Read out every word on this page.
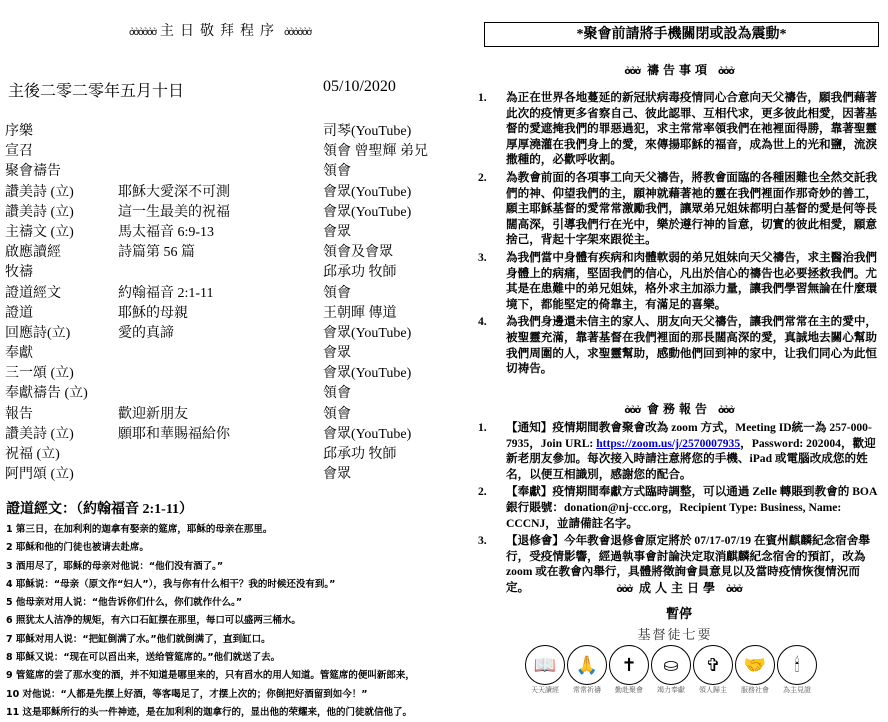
ởởởởởở 主日敬拜程序 ởởởởởở
主後二零二零年五月十日	05/10/2020
序樂	司琴(YouTube)
宣召	領會 曾聖輝 弟兄
聚會禱告	領會
讚美詩 (立)	耶穌大愛深不可測	會眾(YouTube)
讚美詩 (立)	這一生最美的祝福	會眾(YouTube)
主禱文 (立)	馬太福音 6:9-13	會眾
啟應讀經	詩篇第 56 篇	領會及會眾
牧禱	邱承功 牧師
證道經文	約翰福音 2:1-11	領會
證道	耶穌的母親	王朝暉 傳道
回應詩(立)	愛的真諦	會眾(YouTube)
奉獻	會眾
三一頌 (立)	會眾(YouTube)
奉獻禱告 (立)	領會
報告	歡迎新朋友	領會
讚美詩 (立)	願耶和華賜福給你	會眾(YouTube)
祝福 (立)	邱承功 牧師
阿門頌 (立)	會眾
證道經文：（約翰福音 2:1-11）
1 第三日，在加利利的迦拿有娶亲的筵席，耶稣的母亲在那里。
2 耶稣和他的门徒也被请去赴席。
3 酒用尽了，耶稣的母亲对他说：“他们没有酒了。”
4 耶稣说：“母亲（原文作“妇人”），我与你有什么相干？我的时候还没有到。”
5 他母亲对用人说：“他告诉你们什么，你们就作什么。”
6 照犹太人洁净的规矩，有六口石缸摆在那里，每口可以盛两三桶水。
7 耶稣对用人说：“把缸倒满了水。”他们就倒满了，直到缸口。
8 耶稣又说：“现在可以舀出来，送给管筵席的。”他们就送了去。
9 管筵席的尝了那水变的酒，并不知道是哪里来的，只有舀水的用人知道。管筵席的便叫新郎来，
10 对他说：“人都是先摆上好酒，等客喝足了，才摆上次的；你倒把好酒留到如今！”
11 这是耶稣所行的头一件神迹，是在加利利的迦拿行的，显出他的荣耀来，他的门徒就信他了。
*聚會前請將手機關閉或設為震動*
ởởở 禱告事項 ởởở
1.	為正在世界各地蔓延的新冠狀病毒疫情同心合意向天父禱告，願我們藉著此次的疫情更多省察自己、彼此認罪、互相代求，更多彼此相愛，因著基督的愛遮掩我們的罪惡過犯，求主常常率領我們在祂裡面得勝，靠著聖靈厚厚澆灌在我們身上的愛，來傳揚耶穌的福音，成為世上的光和鹽，流淚撒種的，必歡呼收割。
2.	為教會前面的各項事工向天父禱告，將教會面臨的各種困難也全然交託我們的神、仰望我們的主，願神就藉著祂的靈在我們裡面作那奇妙的善工，願主耶穌基督的愛常常激勵我們，讓眾弟兄姐妹都明白基督的愛是何等長闊高深，引導我們行在光中，樂於遵行神的旨意，切實的彼此相愛，願意捨己，背起十字架來跟從主。
3.	為我們當中身體有疾病和肉體軟弱的弟兄姐妹向天父禱告，求主醫治我們身體上的病痛，堅固我們的信心，凡出於信心的禱告也必要拯救我們。尤其是在患難中的弟兄姐妹，格外求主加添力量，讓我們學習無論在什麼環境下，都能堅定的倚靠主，有滿足的喜樂。
4.	為我們身邊還未信主的家人、朋友向天父禱告，讓我們常常在主的愛中，被聖靈充滿，靠著基督在我們裡面的那長闊高深的愛，真誠地去關心幫助我們周圍的人，求聖靈幫助，感動他們回到神的家中，让我们同心为此恒切祷告。
ởởở 會務報告 ởởở
1.	【通知】疫情期間教會聚會改為 zoom 方式，Meeting ID統一為 257-000-7935，Join URL: https://zoom.us/j/2570007935，Password: 202004，歡迎新老朋友參加。每次接入時請注意將您的手機、iPad 或電腦改成您的姓名，以便互相識別，感謝您的配合。
2.	【奉獻】疫情期間奉獻方式臨時調整，可以通過 Zelle 轉賬到教會的 BOA 銀行賬號：donation@nj-ccc.org，Recipient Type: Business, Name: CCCNJ，並請備註名字。
3.	【退修會】今年教會退修會原定將於 07/17-07/19 在賓州麒麟紀念宿舍舉行，受疫情影響，經過執事會討論決定取消麒麟紀念宿舍的預訂，改為 zoom 或在教會內舉行，具體將徵詢會員意見以及當時疫情恢復情況而定。	ởởở 成人主日學 ởởở
暫停
基督徒七要
📖	🙏	✝	⛀	✞	🤝	🕯
天天讀經	常常祈禱	勤赴聚會	竭力奉獻	領人歸主	服務社會	為主見證
